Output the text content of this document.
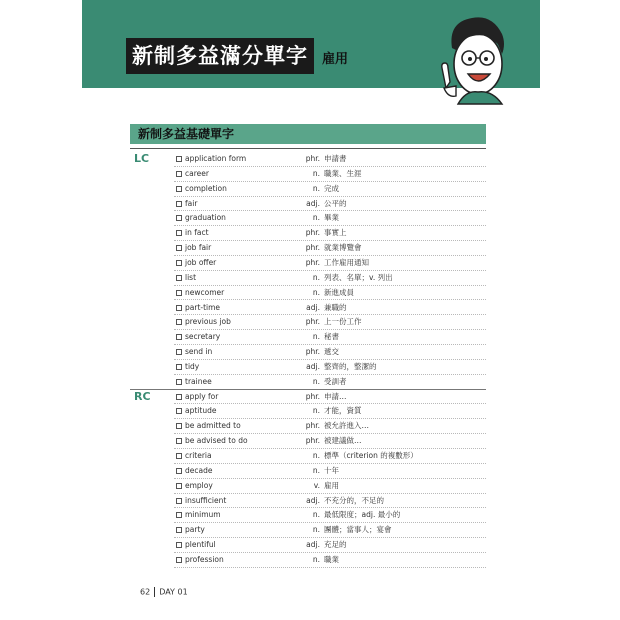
新制多益滿分單字	雇用
新制多益基礎單字
LC	application form	phr. 申請書
career	n. 職業、生涯
completion	n. 完成
fair	adj. 公平的
graduation	n. 畢業
in fact	phr. 事實上
job fair	phr. 就業博覽會
job offer	phr. 工作雇用通知
list	n. 列表、名單；v. 列出
newcomer	n. 新進成員
part-time	adj. 兼職的
previous job	phr. 上一份工作
secretary	n. 秘書
send in	phr. 遞交
tidy	adj. 整齊的，整潔的
trainee	n. 受訓者
RC	apply for	phr. 申請…
aptitude	n. 才能，資質
be admitted to	phr. 被允許進入…
be advised to do	phr. 被建議做…
criteria	n. 標準（criterion 的複數形）
decade	n. 十年
employ	v. 雇用
insufficient	adj. 不充分的，不足的
minimum	n. 最低限度；adj. 最小的
party	n. 團體；當事人；宴會
plentiful	adj. 充足的
profession	n. 職業
62 DAY 01
